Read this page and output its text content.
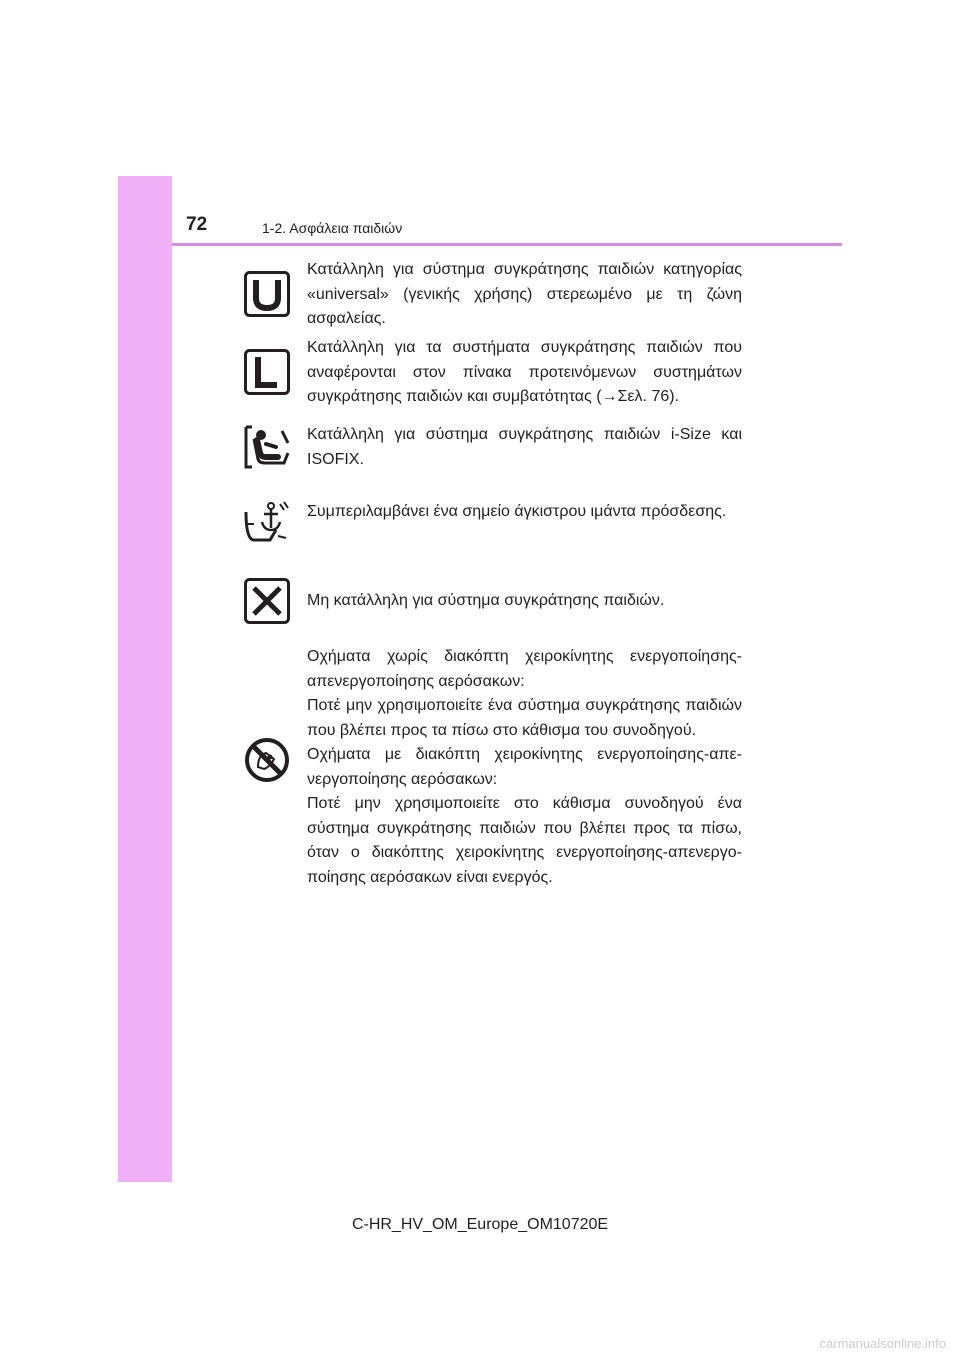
72	1-2. Ασφάλεια παιδιών
Κατάλληλη για σύστημα συγκράτησης παιδιών κατηγορίας «universal» (γενικής χρήσης) στερεωμένο με τη ζώνη ασφαλείας.
Κατάλληλη για τα συστήματα συγκράτησης παιδιών που αναφέρονται στον πίνακα προτεινόμενων συστημάτων συγκράτησης παιδιών και συμβατότητας (→Σελ. 76).
Κατάλληλη για σύστημα συγκράτησης παιδιών i-Size και ISOFIX.
Συμπεριλαμβάνει ένα σημείο άγκιστρου ιμάντα πρόσδεσης.
Μη κατάλληλη για σύστημα συγκράτησης παιδιών.
Οχήματα χωρίς διακόπτη χειροκίνητης ενεργοποίησης-απενεργοποίησης αερόσακων:
Ποτέ μην χρησιμοποιείτε ένα σύστημα συγκράτησης παιδιών που βλέπει προς τα πίσω στο κάθισμα του συνοδηγού.
Οχήματα με διακόπτη χειροκίνητης ενεργοποίησης-απενεργοποίησης αερόσακων:
Ποτέ μην χρησιμοποιείτε στο κάθισμα συνοδηγού ένα σύστημα συγκράτησης παιδιών που βλέπει προς τα πίσω, όταν ο διακόπτης χειροκίνητης ενεργοποίησης-απενεργοποίησης αερόσακων είναι ενεργός.
C-HR_HV_OM_Europe_OM10720E
carmanualsonline.info
